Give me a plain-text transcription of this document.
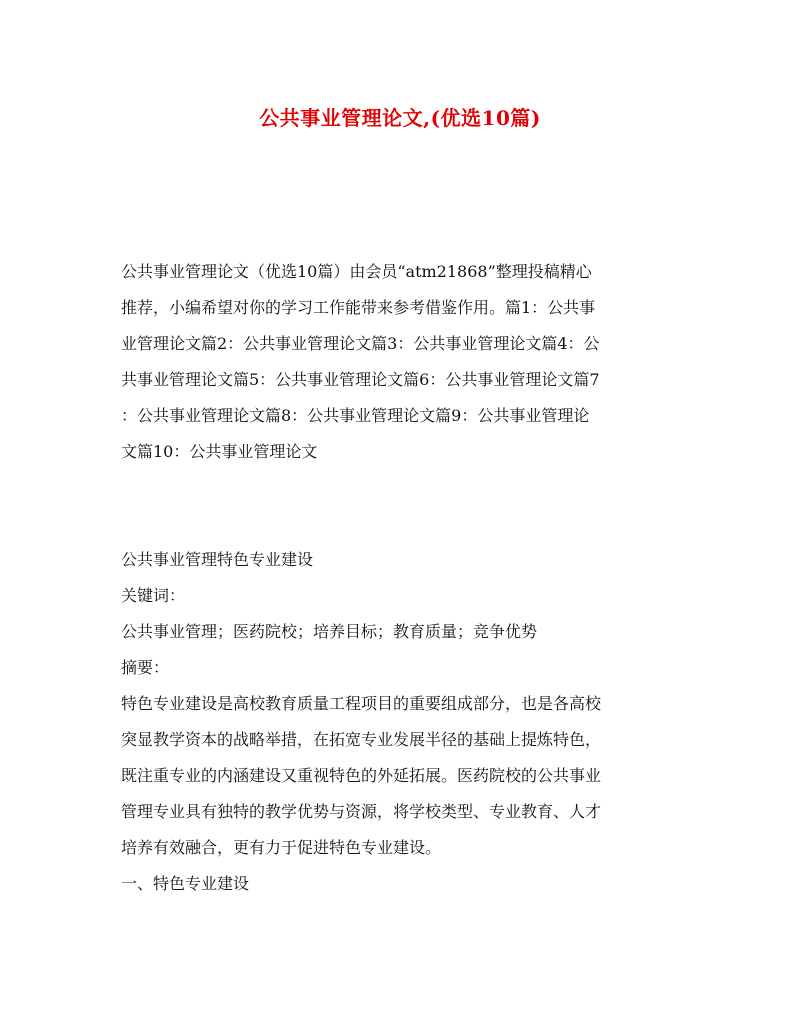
公共事业管理论文,(优选10篇)
公共事业管理论文（优选10篇）由会员“atm21868”整理投稿精心
推荐，小编希望对你的学习工作能带来参考借鉴作用。篇1：公共事
业管理论文篇2：公共事业管理论文篇3：公共事业管理论文篇4：公
共事业管理论文篇5：公共事业管理论文篇6：公共事业管理论文篇7
：公共事业管理论文篇8：公共事业管理论文篇9：公共事业管理论
文篇10：公共事业管理论文
公共事业管理特色专业建设
关键词：
公共事业管理；医药院校；培养目标；教育质量；竞争优势
摘要：
特色专业建设是高校教育质量工程项目的重要组成部分，也是各高校
突显教学资本的战略举措，在拓宽专业发展半径的基础上提炼特色，
既注重专业的内涵建设又重视特色的外延拓展。医药院校的公共事业
管理专业具有独特的教学优势与资源，将学校类型、专业教育、人才
培养有效融合，更有力于促进特色专业建设。
一、特色专业建设
